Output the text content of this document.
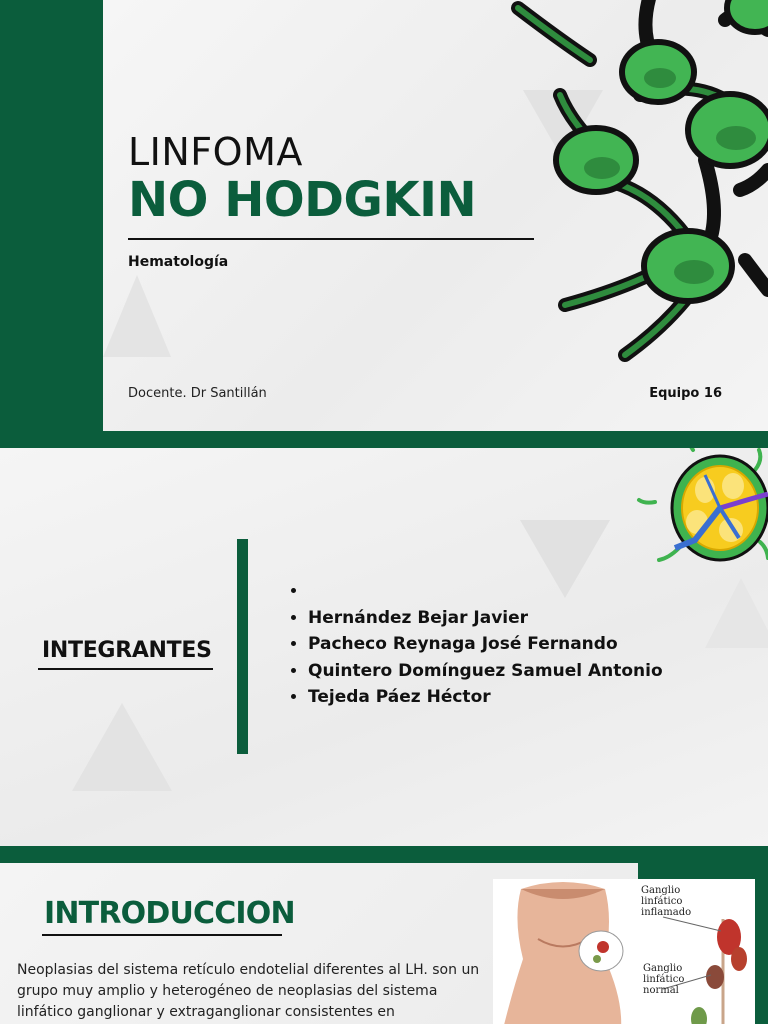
LINFOMA
NO HODGKIN
Hematología
Docente. Dr Santillán	Equipo 16
INTEGRANTES
•
• Hernández Bejar Javier
• Pacheco Reynaga José Fernando
• Quintero Domínguez Samuel Antonio
• Tejeda Páez Héctor
INTRODUCCION

Neoplasias del sistema retículo endotelial diferentes al LH. son un grupo muy amplio y heterogéneo de neoplasias del sistema linfático ganglionar y extraganglionar consistentes en

Ganglio linfático inflamado
Ganglio linfático normal
